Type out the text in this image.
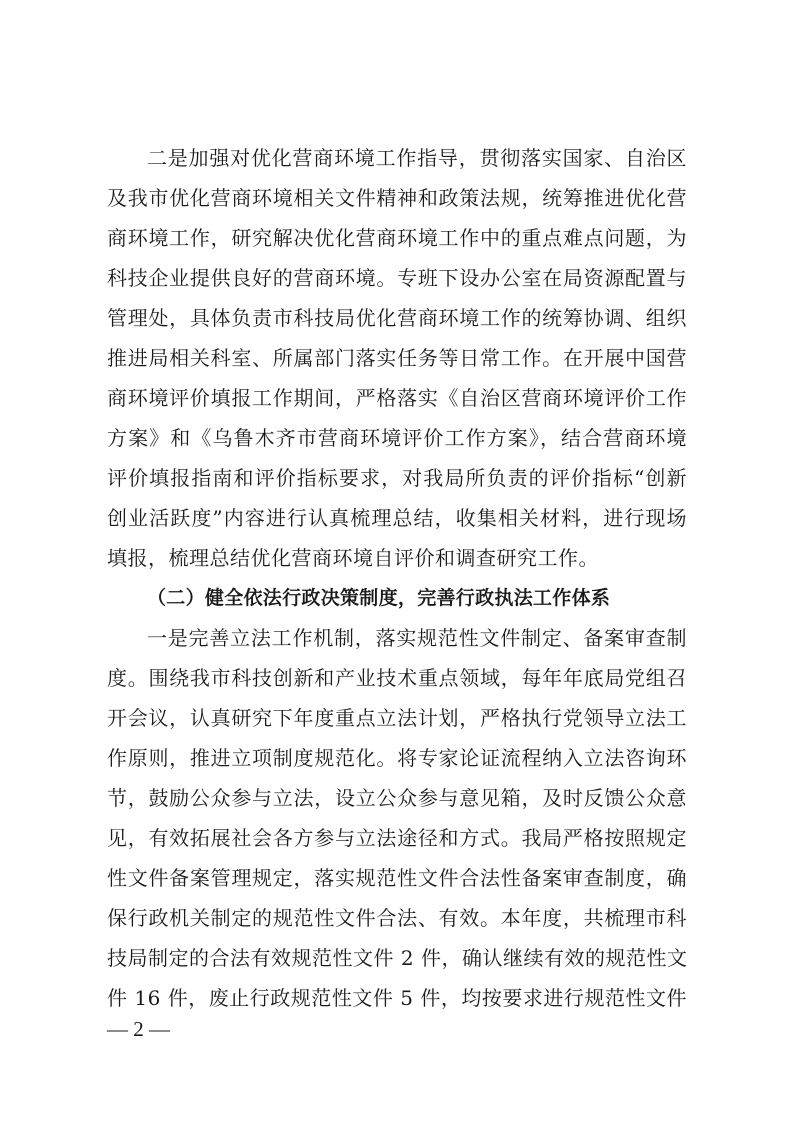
二是加强对优化营商环境工作指导，贯彻落实国家、自治区
及我市优化营商环境相关文件精神和政策法规，统筹推进优化营
商环境工作，研究解决优化营商环境工作中的重点难点问题，为
科技企业提供良好的营商环境。专班下设办公室在局资源配置与
管理处，具体负责市科技局优化营商环境工作的统筹协调、组织
推进局相关科室、所属部门落实任务等日常工作。在开展中国营
商环境评价填报工作期间，严格落实《自治区营商环境评价工作
方案》和《乌鲁木齐市营商环境评价工作方案》，结合营商环境
评价填报指南和评价指标要求，对我局所负责的评价指标“创新
创业活跃度”内容进行认真梳理总结，收集相关材料，进行现场
填报，梳理总结优化营商环境自评价和调查研究工作。
（二）健全依法行政决策制度，完善行政执法工作体系
一是完善立法工作机制，落实规范性文件制定、备案审查制
度。围绕我市科技创新和产业技术重点领域，每年年底局党组召
开会议，认真研究下年度重点立法计划，严格执行党领导立法工
作原则，推进立项制度规范化。将专家论证流程纳入立法咨询环
节，鼓励公众参与立法，设立公众参与意见箱，及时反馈公众意
见，有效拓展社会各方参与立法途径和方式。我局严格按照规定
性文件备案管理规定，落实规范性文件合法性备案审查制度，确
保行政机关制定的规范性文件合法、有效。本年度，共梳理市科
技局制定的合法有效规范性文件 2 件，确认继续有效的规范性文
件 16 件，废止行政规范性文件 5 件，均按要求进行规范性文件
— 2 —
